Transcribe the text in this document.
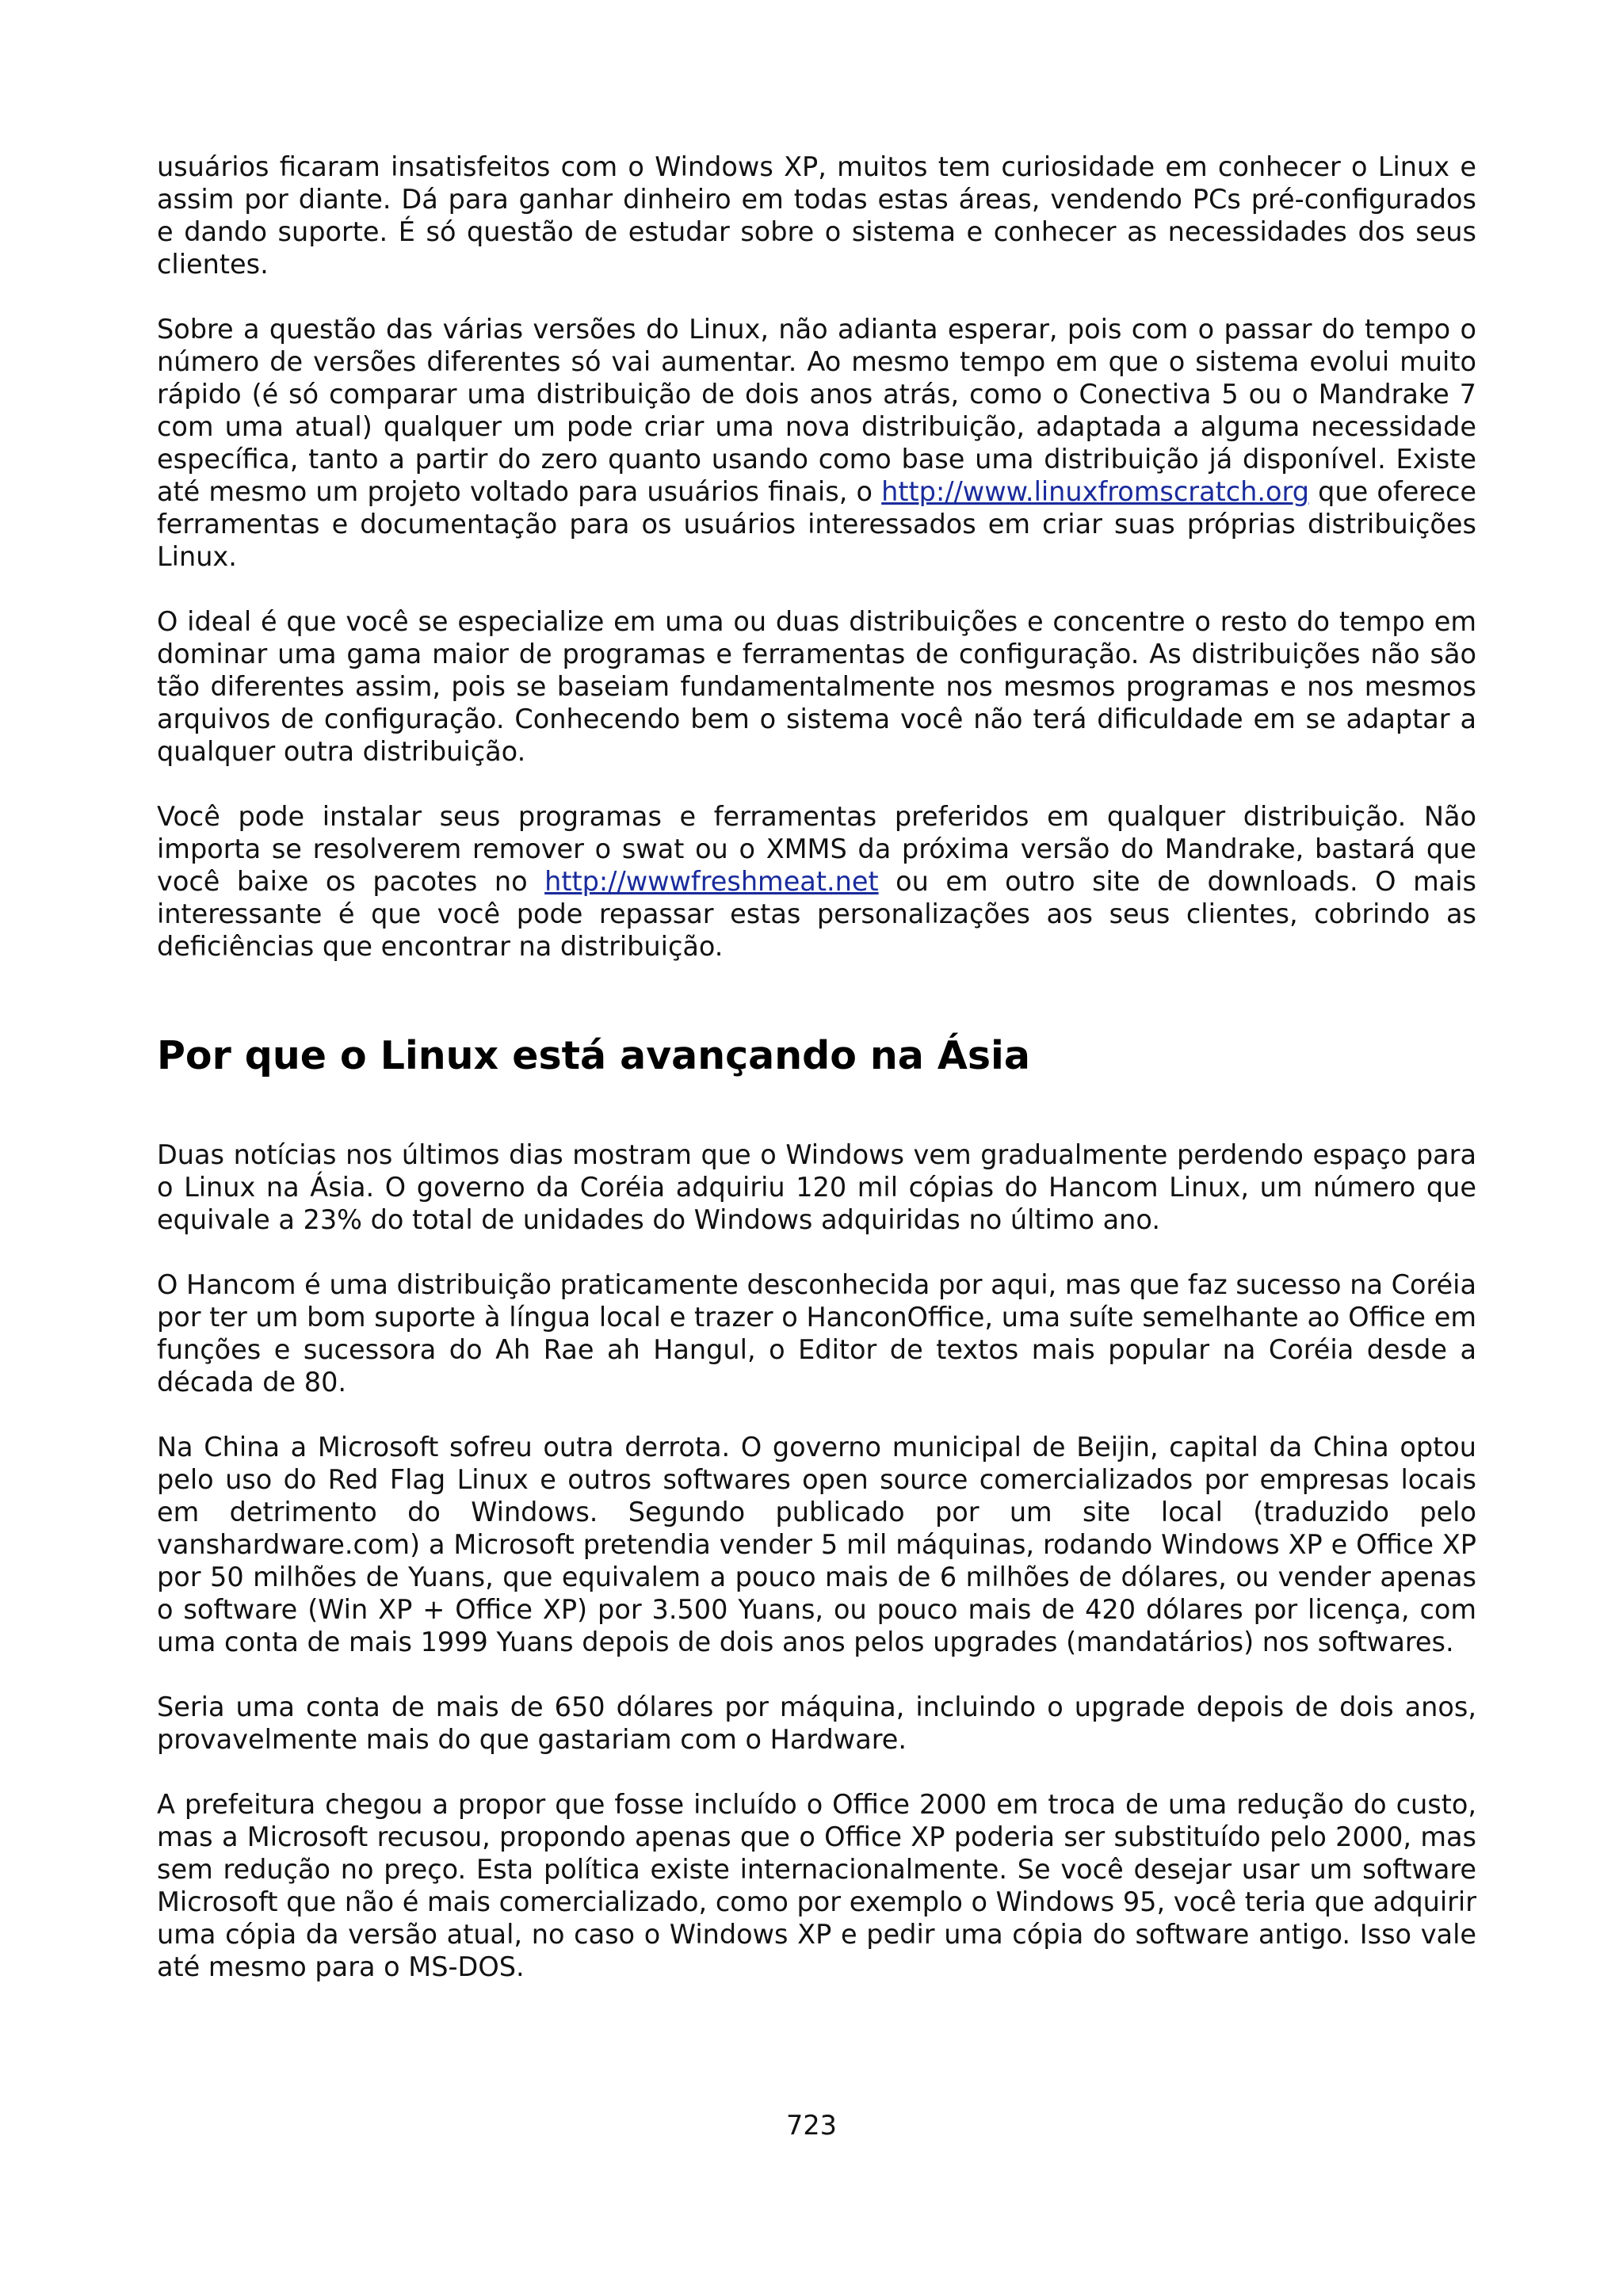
usuários ficaram insatisfeitos com o Windows XP, muitos tem curiosidade em conhecer o Linux e assim por diante. Dá para ganhar dinheiro em todas estas áreas, vendendo PCs pré-configurados e dando suporte. É só questão de estudar sobre o sistema e conhecer as necessidades dos seus clientes.

Sobre a questão das várias versões do Linux, não adianta esperar, pois com o passar do tempo o número de versões diferentes só vai aumentar. Ao mesmo tempo em que o sistema evolui muito rápido (é só comparar uma distribuição de dois anos atrás, como o Conectiva 5 ou o Mandrake 7 com uma atual) qualquer um pode criar uma nova distribuição, adaptada a alguma necessidade específica, tanto a partir do zero quanto usando como base uma distribuição já disponível. Existe até mesmo um projeto voltado para usuários finais, o http://www.linuxfromscratch.org que oferece ferramentas e documentação para os usuários interessados em criar suas próprias distribuições Linux.

O ideal é que você se especialize em uma ou duas distribuições e concentre o resto do tempo em dominar uma gama maior de programas e ferramentas de configuração. As distribuições não são tão diferentes assim, pois se baseiam fundamentalmente nos mesmos programas e nos mesmos arquivos de configuração. Conhecendo bem o sistema você não terá dificuldade em se adaptar a qualquer outra distribuição.

Você pode instalar seus programas e ferramentas preferidos em qualquer distribuição. Não importa se resolverem remover o swat ou o XMMS da próxima versão do Mandrake, bastará que você baixe os pacotes no http://wwwfreshmeat.net ou em outro site de downloads. O mais interessante é que você pode repassar estas personalizações aos seus clientes, cobrindo as deficiências que encontrar na distribuição.

Por que o Linux está avançando na Ásia

Duas notícias nos últimos dias mostram que o Windows vem gradualmente perdendo espaço para o Linux na Ásia. O governo da Coréia adquiriu 120 mil cópias do Hancom Linux, um número que equivale a 23% do total de unidades do Windows adquiridas no último ano.

O Hancom é uma distribuição praticamente desconhecida por aqui, mas que faz sucesso na Coréia por ter um bom suporte à língua local e trazer o HanconOffice, uma suíte semelhante ao Office em funções e sucessora do Ah Rae ah Hangul, o Editor de textos mais popular na Coréia desde a década de 80.

Na China a Microsoft sofreu outra derrota. O governo municipal de Beijin, capital da China optou pelo uso do Red Flag Linux e outros softwares open source comercializados por empresas locais em detrimento do Windows. Segundo publicado por um site local (traduzido pelo vanshardware.com) a Microsoft pretendia vender 5 mil máquinas, rodando Windows XP e Office XP por 50 milhões de Yuans, que equivalem a pouco mais de 6 milhões de dólares, ou vender apenas o software (Win XP + Office XP) por 3.500 Yuans, ou pouco mais de 420 dólares por licença, com uma conta de mais 1999 Yuans depois de dois anos pelos upgrades (mandatários) nos softwares.

Seria uma conta de mais de 650 dólares por máquina, incluindo o upgrade depois de dois anos, provavelmente mais do que gastariam com o Hardware.

A prefeitura chegou a propor que fosse incluído o Office 2000 em troca de uma redução do custo, mas a Microsoft recusou, propondo apenas que o Office XP poderia ser substituído pelo 2000, mas sem redução no preço. Esta política existe internacionalmente. Se você desejar usar um software Microsoft que não é mais comercializado, como por exemplo o Windows 95, você teria que adquirir uma cópia da versão atual, no caso o Windows XP e pedir uma cópia do software antigo. Isso vale até mesmo para o MS-DOS.

723
